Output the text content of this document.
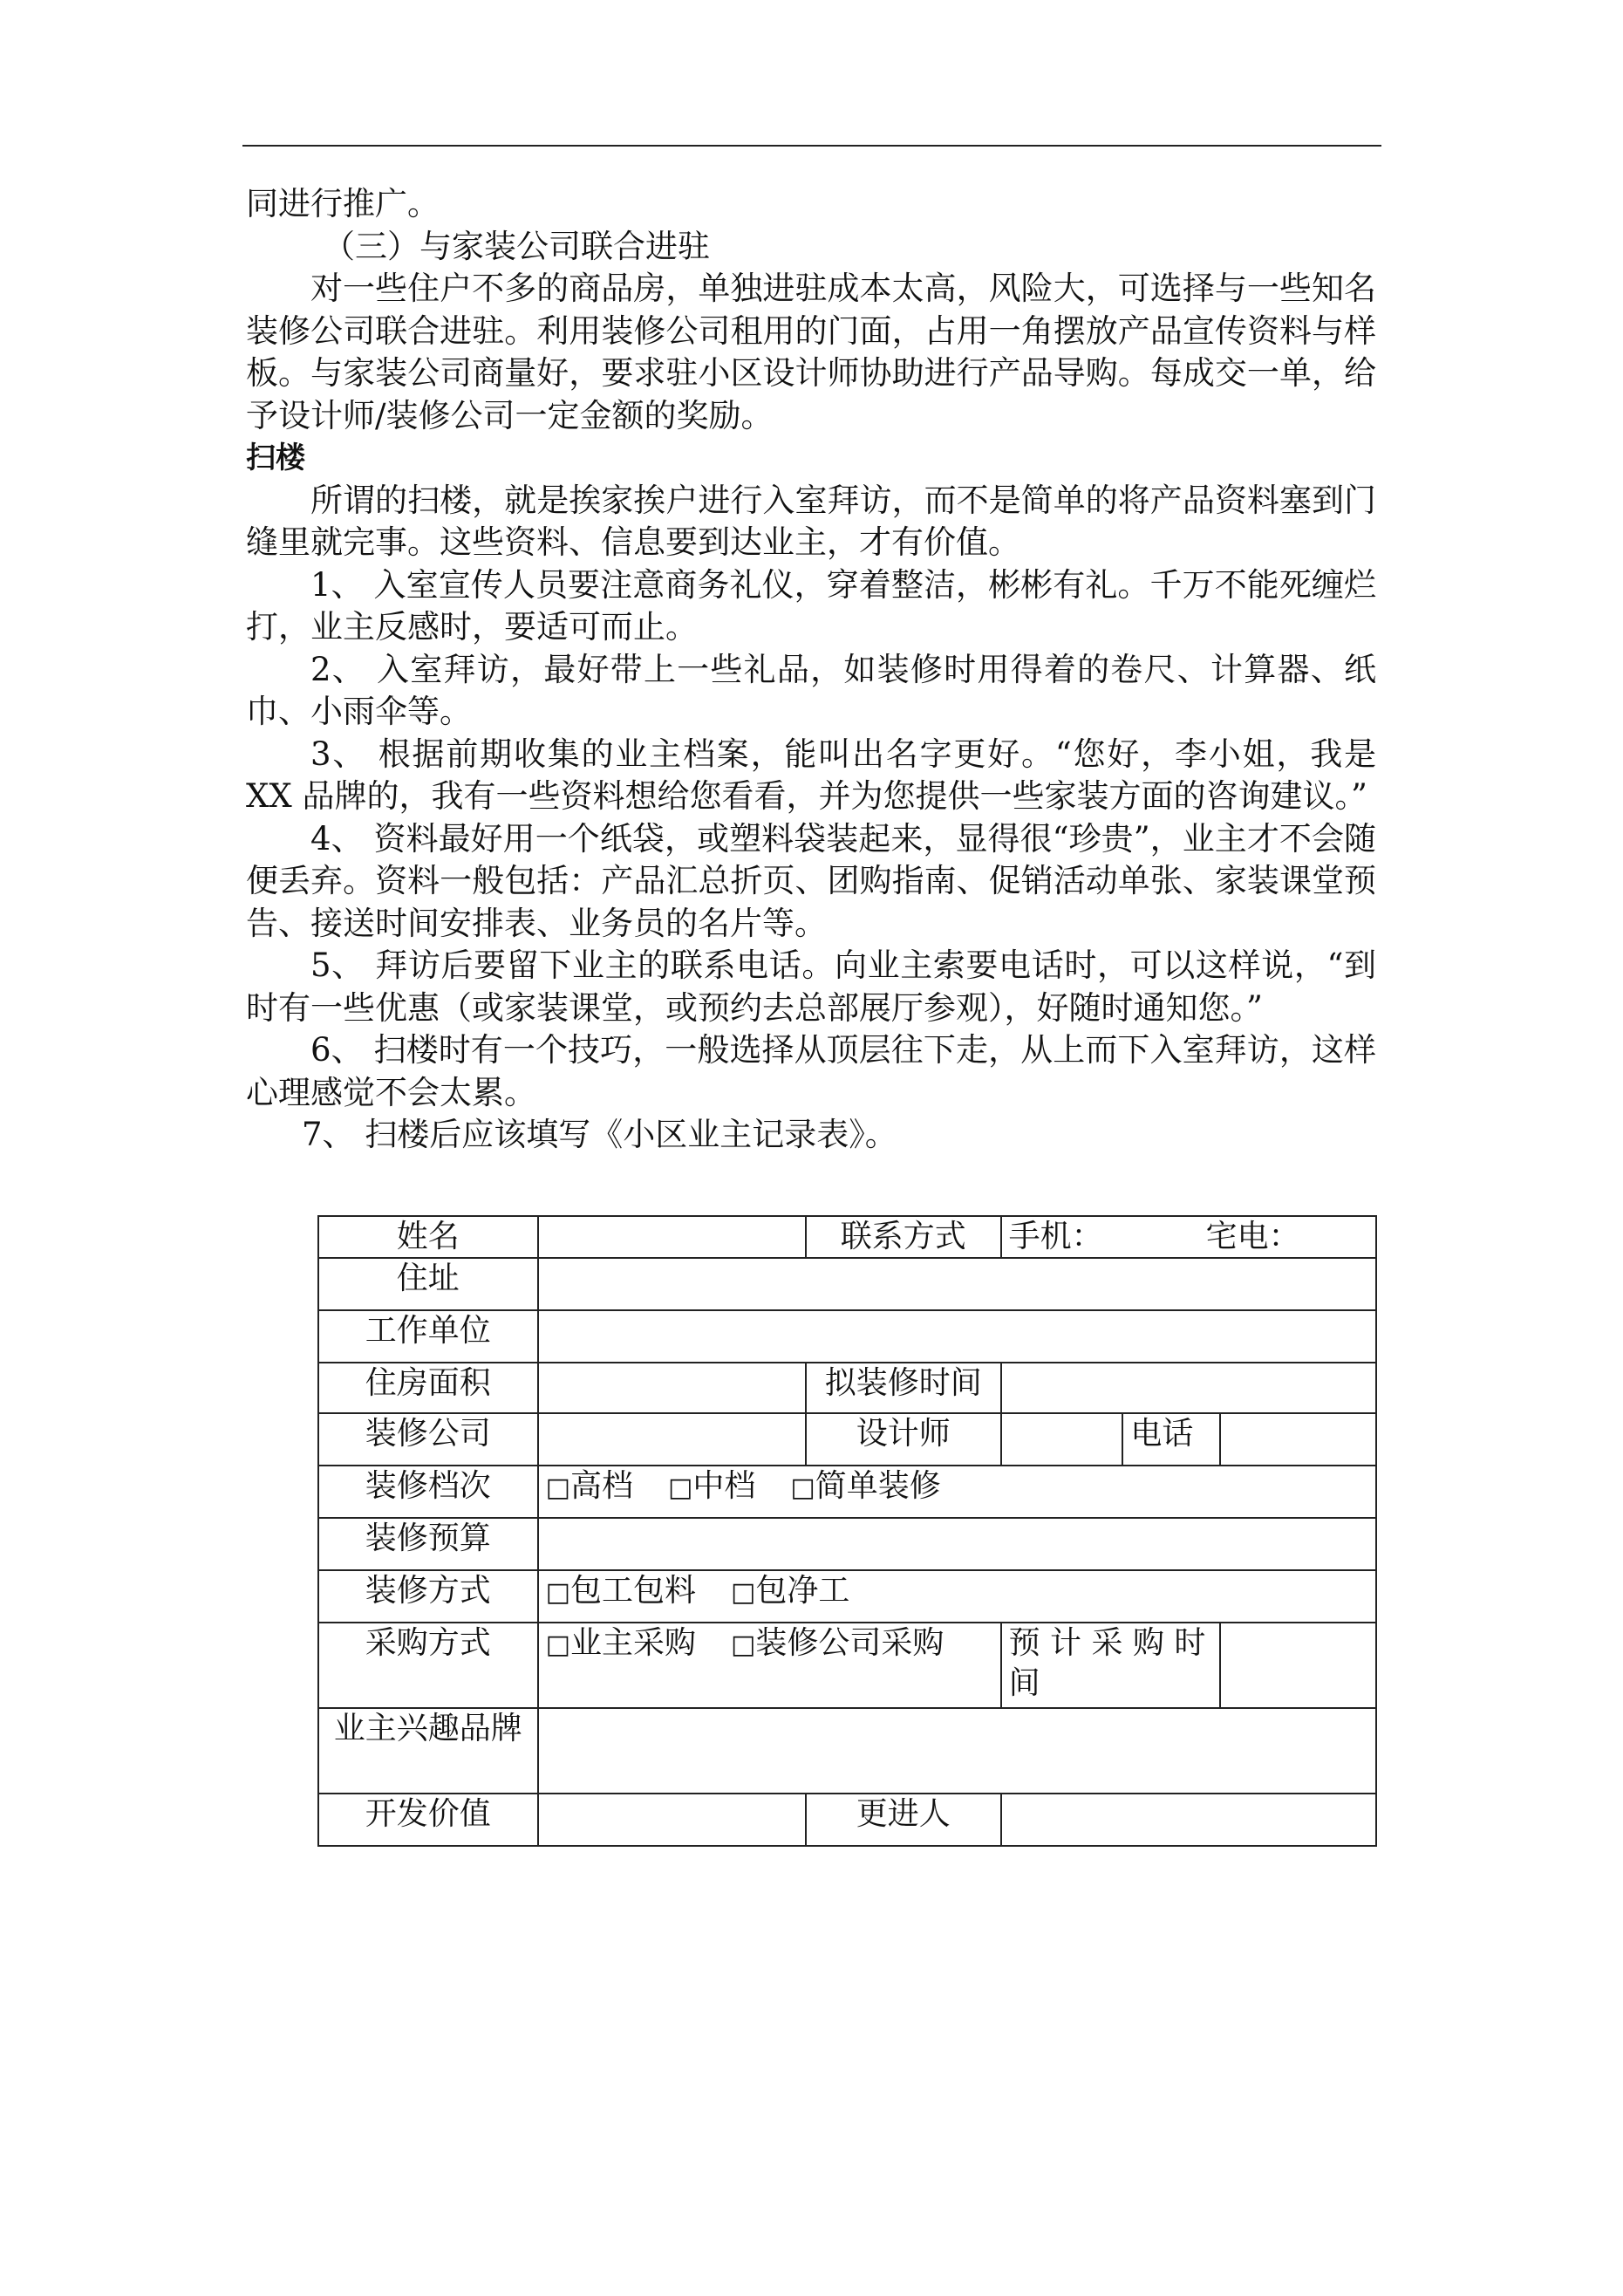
同进行推广。

（三）与家装公司联合进驻

对一些住户不多的商品房，单独进驻成本太高，风险大，可选择与一些知名装修公司联合进驻。利用装修公司租用的门面，占用一角摆放产品宣传资料与样板。与家装公司商量好，要求驻小区设计师协助进行产品导购。每成交一单，给予设计师/装修公司一定金额的奖励。

扫楼

所谓的扫楼，就是挨家挨户进行入室拜访，而不是简单的将产品资料塞到门缝里就完事。这些资料、信息要到达业主，才有价值。

1、 入室宣传人员要注意商务礼仪，穿着整洁，彬彬有礼。千万不能死缠烂打，业主反感时，要适可而止。

2、 入室拜访，最好带上一些礼品，如装修时用得着的卷尺、计算器、纸巾、小雨伞等。

3、 根据前期收集的业主档案，能叫出名字更好。“您好，李小姐，我是 XX 品牌的，我有一些资料想给您看看，并为您提供一些家装方面的咨询建议。”

4、 资料最好用一个纸袋，或塑料袋装起来，显得很“珍贵”，业主才不会随便丢弃。资料一般包括：产品汇总折页、团购指南、促销活动单张、家装课堂预告、接送时间安排表、业务员的名片等。

5、 拜访后要留下业主的联系电话。向业主索要电话时，可以这样说，“到时有一些优惠（或家装课堂，或预约去总部展厅参观），好随时通知您。”

6、 扫楼时有一个技巧，一般选择从顶层往下走，从上而下入室拜访，这样心理感觉不会太累。

7、 扫楼后应该填写《小区业主记录表》。

姓名		联系方式	手机： 宅电：		
住址					
工作单位					
住房面积		拟装修时间			
装修公司		设计师		电话	
装修档次	□高档 □中档 □简单装修				
装修预算					
装修方式	□包工包料 □包净工				
采购方式	□业主采购 □装修公司采购		预 计 采 购 时间		
业主兴趣品牌					
开发价值		更进人			
